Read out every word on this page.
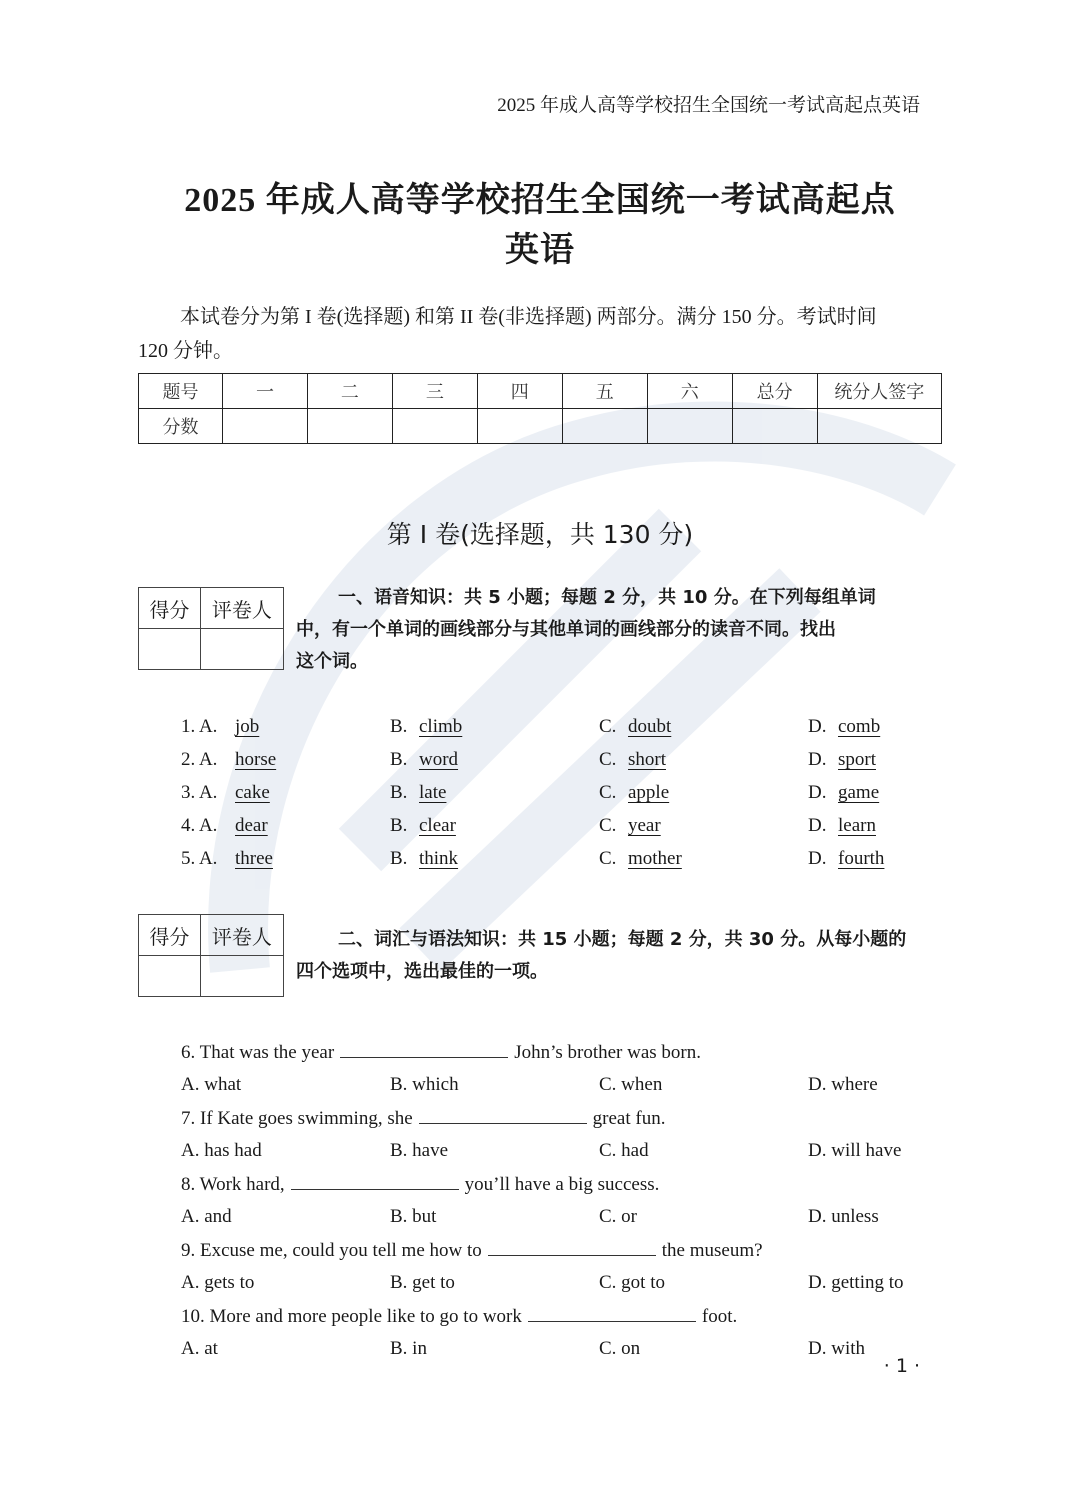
2025 年成人高等学校招生全国统一考试高起点英语
2025 年成人高等学校招生全国统一考试高起点
英语
本试卷分为第 I 卷(选择题) 和第 II 卷(非选择题) 两部分。满分 150 分。考试时间
120 分钟。
题号	一	二	三	四	五	六	总分	统分人签字
分数								
第 I 卷(选择题，共 130 分)
得分	评卷人

一、语音知识：共 5 小题；每题 2 分，共 10 分。在下列每组单词
中，有一个单词的画线部分与其他单词的画线部分的读音不同。找出
这个词。
1. A. job	B. climb	C. doubt	D. comb
2. A. horse	B. word	C. short	D. sport
3. A. cake	B. late	C. apple	D. game
4. A. dear	B. clear	C. year	D. learn
5. A. three	B. think	C. mother	D. fourth
得分	评卷人
		二、词汇与语法知识：共 15 小题；每题 2 分，共 30 分。从每小题的
四个选项中，选出最佳的一项。
6. That was the year	John’s brother was born.
A. what	B. which	C. when	D. where
7. If Kate goes swimming, she	great fun.
A. has had	B. have	C. had	D. will have
8. Work hard,	you’ll have a big success.
A. and	B. but	C. or	D. unless
9. Excuse me, could you tell me how to	the museum?
A. gets to	B. get to	C. got to	D. getting to
10. More and more people like to go to work	foot.
A. at	B. in	C. on	D. with
· 1 ·
